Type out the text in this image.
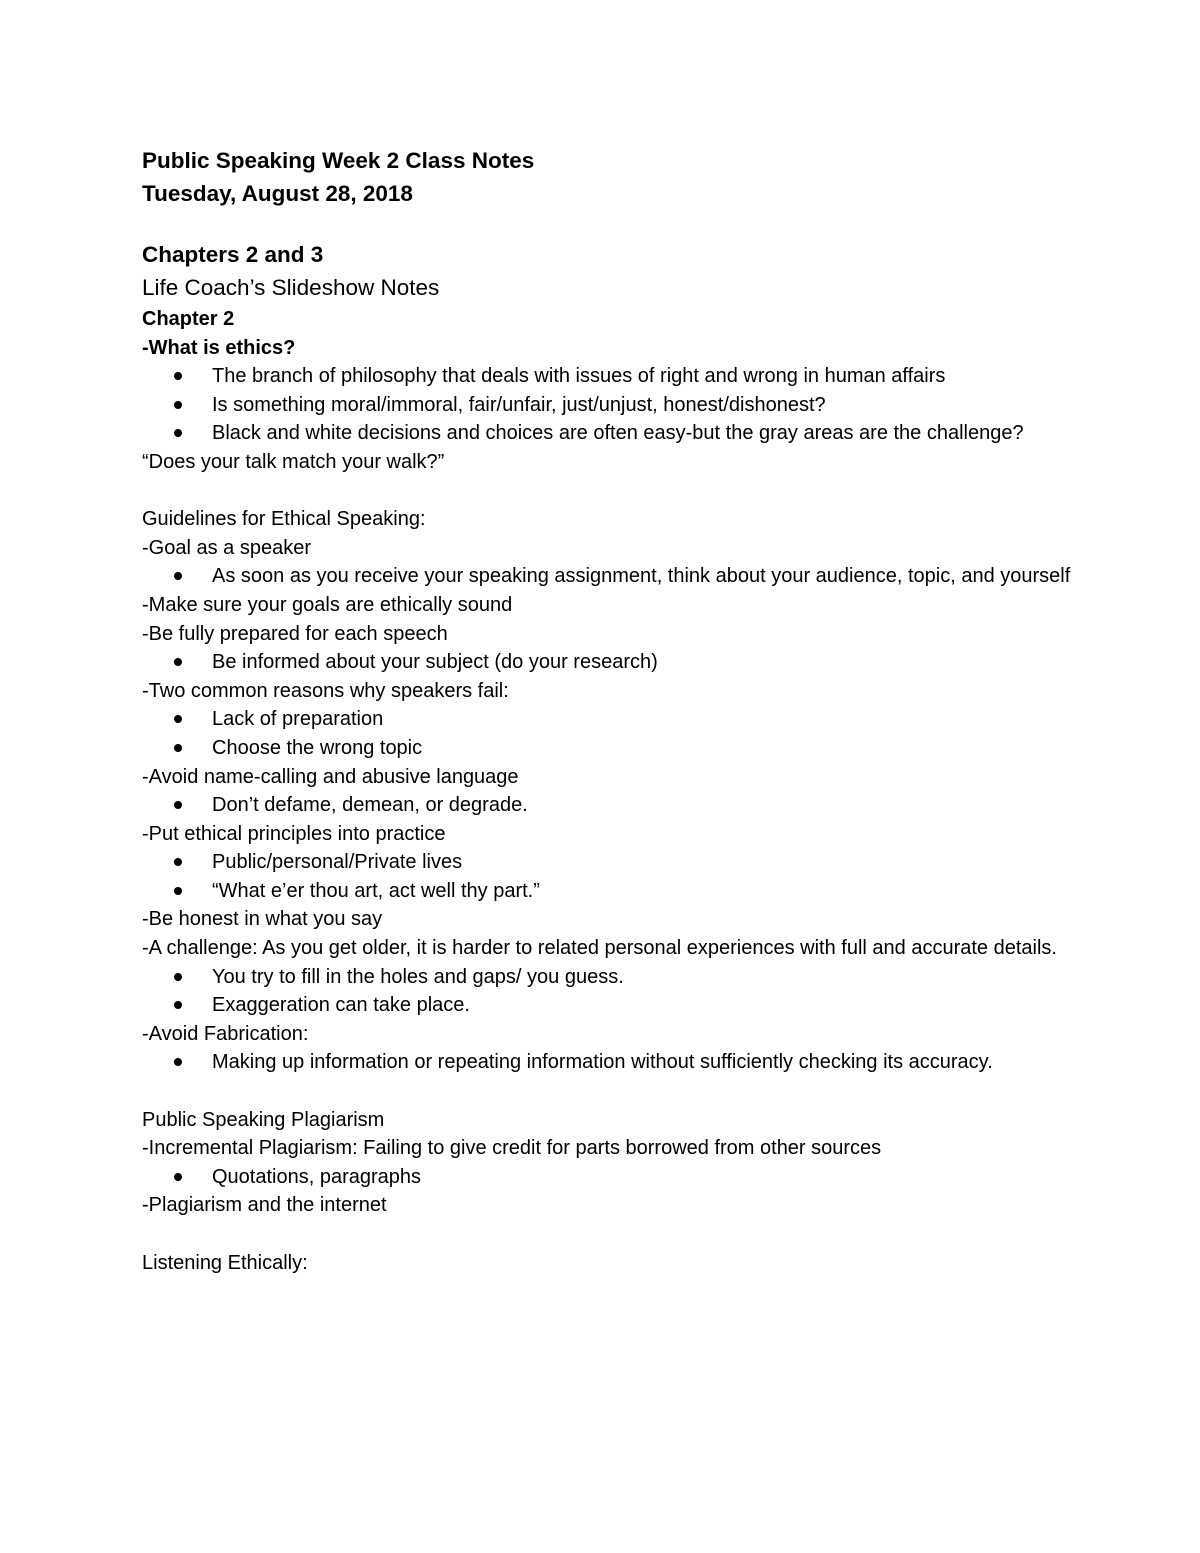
Public Speaking Week 2 Class Notes
Tuesday, August 28, 2018
Chapters 2 and 3
Life Coach’s Slideshow Notes
Chapter 2
-What is ethics?
The branch of philosophy that deals with issues of right and wrong in human affairs
Is something moral/immoral, fair/unfair, just/unjust, honest/dishonest?
Black and white decisions and choices are often easy-but the gray areas are the challenge?
“Does your talk match your walk?”
Guidelines for Ethical Speaking:
-Goal as a speaker
As soon as you receive your speaking assignment, think about your audience, topic, and yourself
-Make sure your goals are ethically sound
-Be fully prepared for each speech
Be informed about your subject (do your research)
-Two common reasons why speakers fail:
Lack of preparation
Choose the wrong topic
-Avoid name-calling and abusive language
Don’t defame, demean, or degrade.
-Put ethical principles into practice
Public/personal/Private lives
“What e’er thou art, act well thy part.”
-Be honest in what you say
-A challenge: As you get older, it is harder to related personal experiences with full and accurate details.
You try to fill in the holes and gaps/ you guess.
Exaggeration can take place.
-Avoid Fabrication:
Making up information or repeating information without sufficiently checking its accuracy.
Public Speaking Plagiarism
-Incremental Plagiarism: Failing to give credit for parts borrowed from other sources
Quotations, paragraphs
-Plagiarism and the internet
Listening Ethically:
